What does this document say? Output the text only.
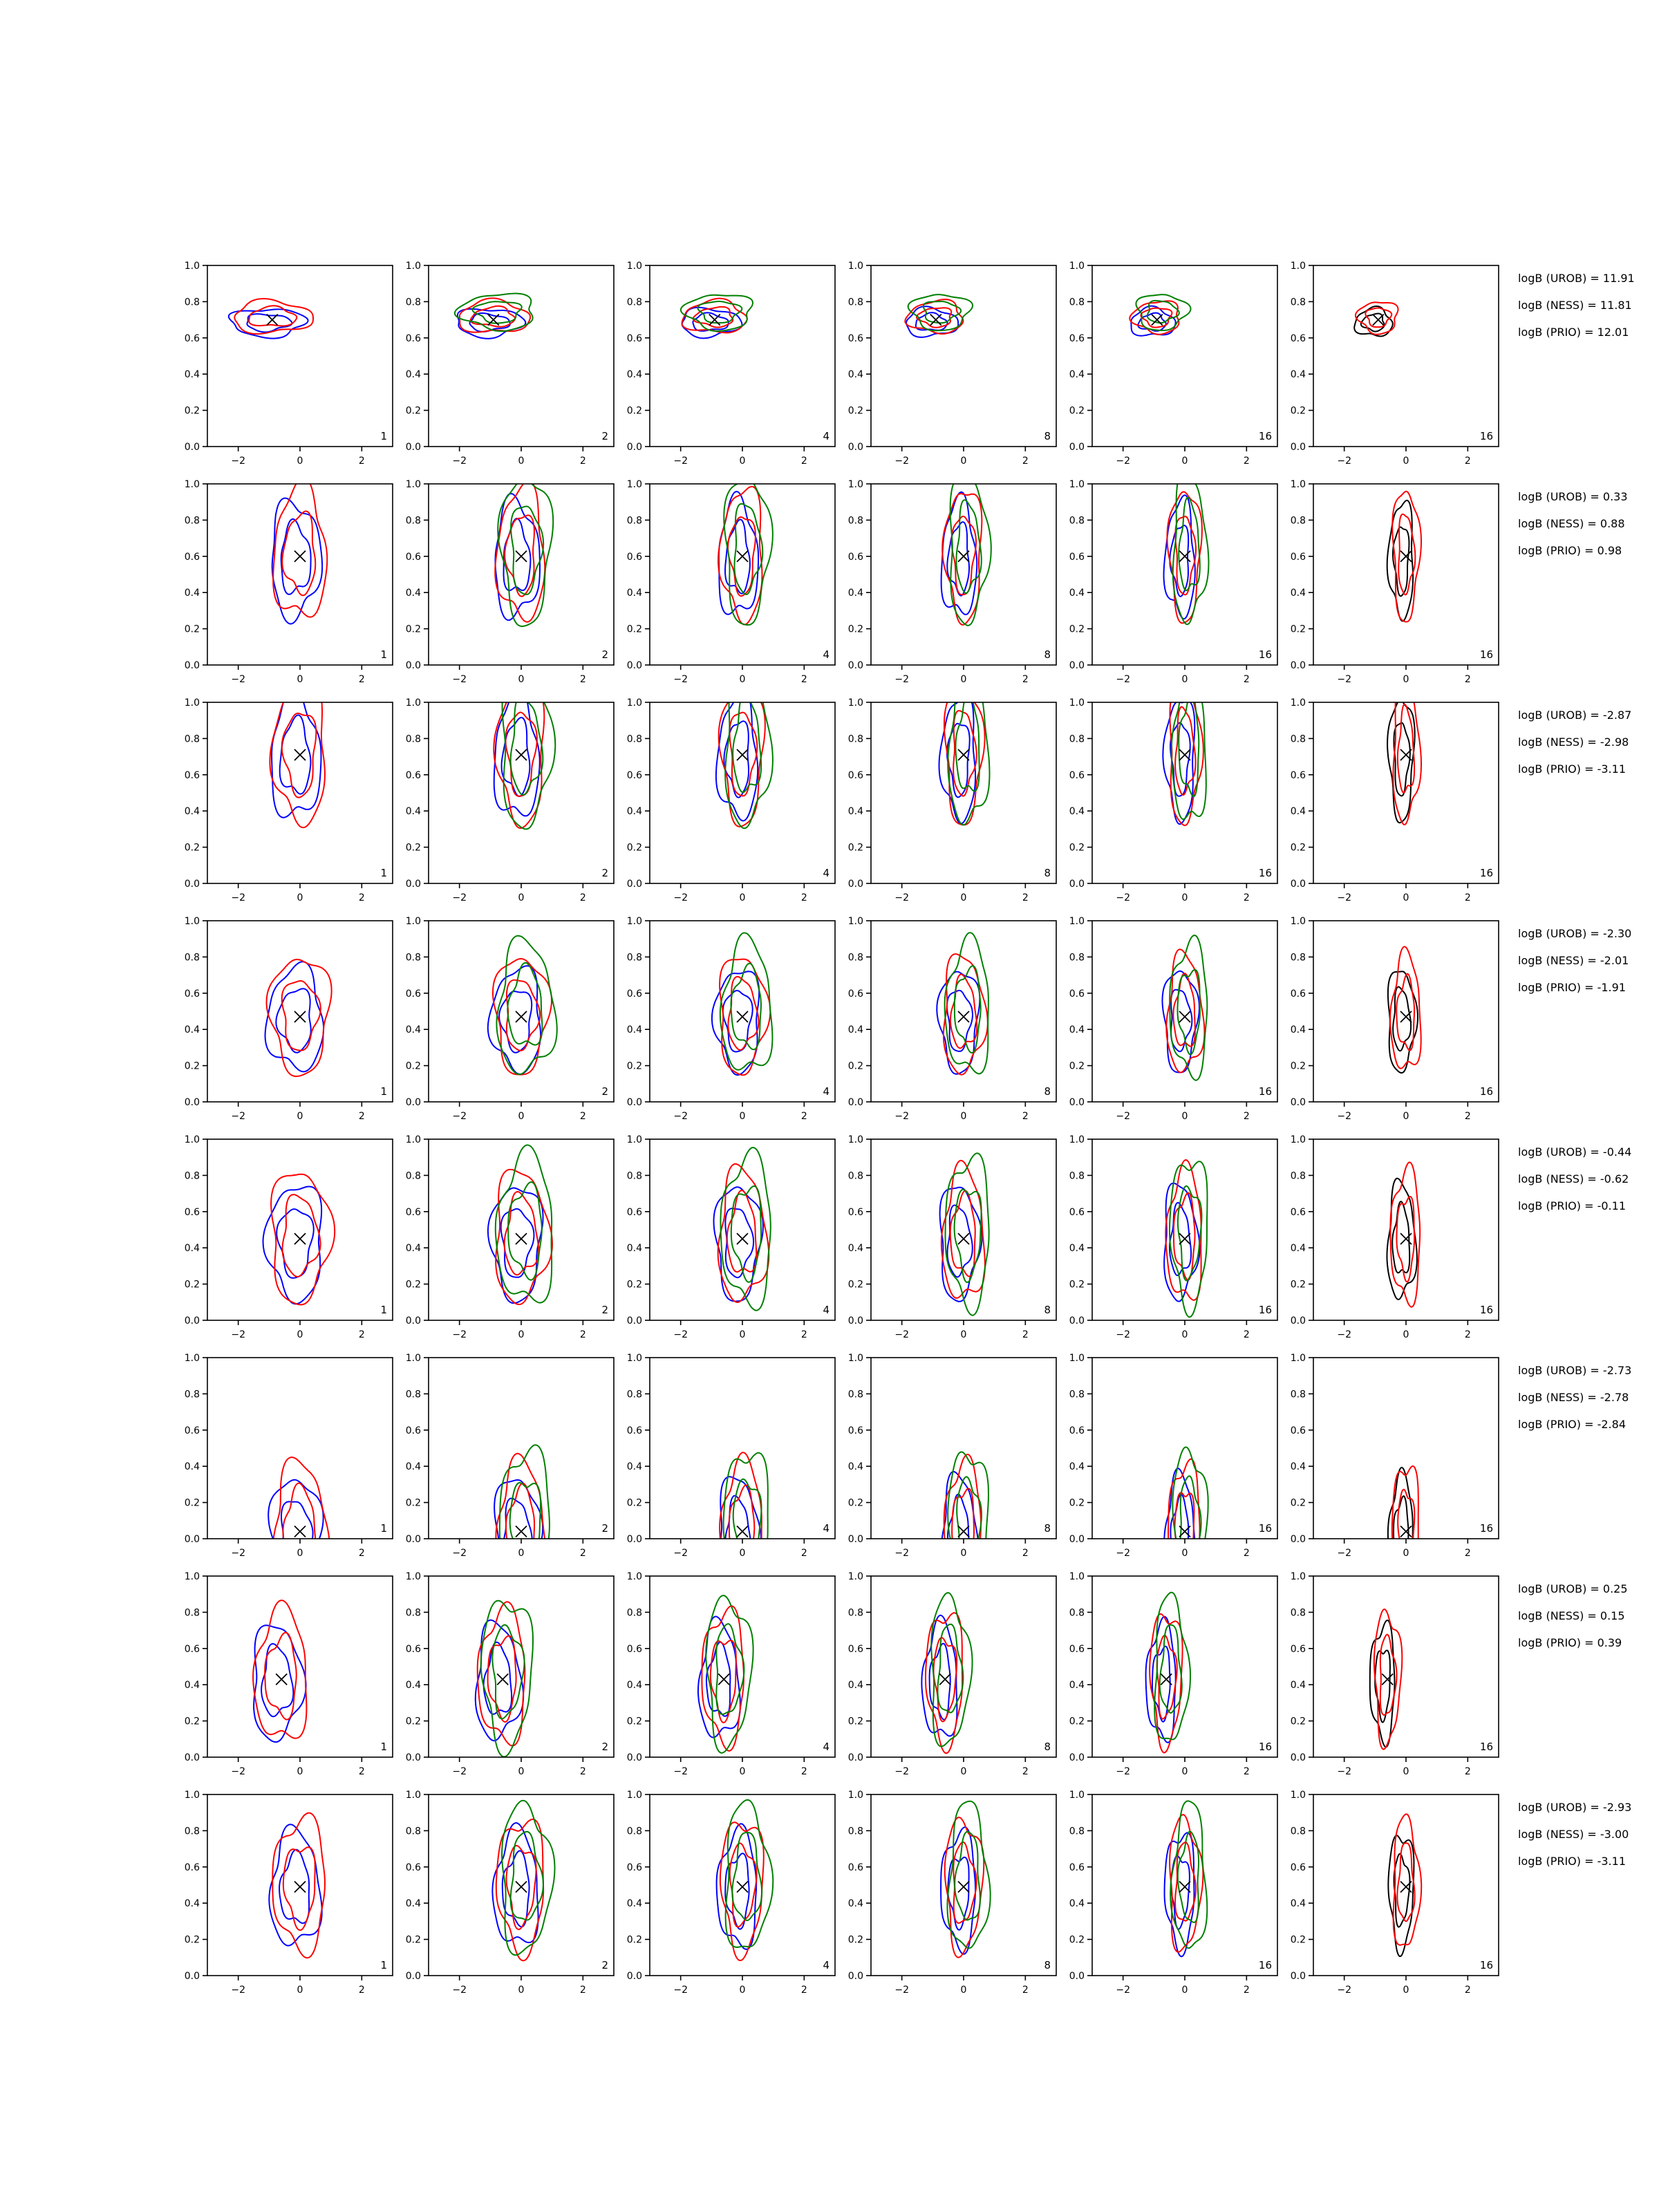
−2	0	2
0.0
0.2
0.4
0.6
0.8
1.0
1
−2	0	2
0.0
0.2
0.4
0.6
0.8
1.0
2
−2	0	2
0.0
0.2
0.4
0.6
0.8
1.0
4
−2	0	2
0.0
0.2
0.4
0.6
0.8
1.0
8
−2	0	2
0.0
0.2
0.4
0.6
0.8
1.0
16
−2	0	2
0.0
0.2
0.4
0.6
0.8
1.0
16
logB (UROB) = 11.91
logB (NESS) = 11.81
logB (PRIO) = 12.01
−2	0	2
0.0
0.2
0.4
0.6
0.8
1.0
1
−2	0	2
0.0
0.2
0.4
0.6
0.8
1.0
2
−2	0	2
0.0
0.2
0.4
0.6
0.8
1.0
4
−2	0	2
0.0
0.2
0.4
0.6
0.8
1.0
8
−2	0	2
0.0
0.2
0.4
0.6
0.8
1.0
16
−2	0	2
0.0
0.2
0.4
0.6
0.8
1.0
16
logB (UROB) = 0.33
logB (NESS) = 0.88
logB (PRIO) = 0.98
−2	0	2
0.0
0.2
0.4
0.6
0.8
1.0
1
−2	0	2
0.0
0.2
0.4
0.6
0.8
1.0
2
−2	0	2
0.0
0.2
0.4
0.6
0.8
1.0
4
−2	0	2
0.0
0.2
0.4
0.6
0.8
1.0
8
−2	0	2
0.0
0.2
0.4
0.6
0.8
1.0
16
−2	0	2
0.0
0.2
0.4
0.6
0.8
1.0
16
logB (UROB) = -2.87
logB (NESS) = -2.98
logB (PRIO) = -3.11
−2	0	2
0.0
0.2
0.4
0.6
0.8
1.0
1
−2	0	2
0.0
0.2
0.4
0.6
0.8
1.0
2
−2	0	2
0.0
0.2
0.4
0.6
0.8
1.0
4
−2	0	2
0.0
0.2
0.4
0.6
0.8
1.0
8
−2	0	2
0.0
0.2
0.4
0.6
0.8
1.0
16
−2	0	2
0.0
0.2
0.4
0.6
0.8
1.0
16
logB (UROB) = -2.30
logB (NESS) = -2.01
logB (PRIO) = -1.91
−2	0	2
0.0
0.2
0.4
0.6
0.8
1.0
1
−2	0	2
0.0
0.2
0.4
0.6
0.8
1.0
2
−2	0	2
0.0
0.2
0.4
0.6
0.8
1.0
4
−2	0	2
0.0
0.2
0.4
0.6
0.8
1.0
8
−2	0	2
0.0
0.2
0.4
0.6
0.8
1.0
16
−2	0	2
0.0
0.2
0.4
0.6
0.8
1.0
16
logB (UROB) = -0.44
logB (NESS) = -0.62
logB (PRIO) = -0.11
−2	0	2
0.0
0.2
0.4
0.6
0.8
1.0
1
−2	0	2
0.0
0.2
0.4
0.6
0.8
1.0
2
−2	0	2
0.0
0.2
0.4
0.6
0.8
1.0
4
−2	0	2
0.0
0.2
0.4
0.6
0.8
1.0
8
−2	0	2
0.0
0.2
0.4
0.6
0.8
1.0
16
−2	0	2
0.0
0.2
0.4
0.6
0.8
1.0
16
logB (UROB) = -2.73
logB (NESS) = -2.78
logB (PRIO) = -2.84
−2	0	2
0.0
0.2
0.4
0.6
0.8
1.0
1
−2	0	2
0.0
0.2
0.4
0.6
0.8
1.0
2
−2	0	2
0.0
0.2
0.4
0.6
0.8
1.0
4
−2	0	2
0.0
0.2
0.4
0.6
0.8
1.0
8
−2	0	2
0.0
0.2
0.4
0.6
0.8
1.0
16
−2	0	2
0.0
0.2
0.4
0.6
0.8
1.0
16
logB (UROB) = 0.25
logB (NESS) = 0.15
logB (PRIO) = 0.39
−2	0	2
0.0
0.2
0.4
0.6
0.8
1.0
1
−2	0	2
0.0
0.2
0.4
0.6
0.8
1.0
2
−2	0	2
0.0
0.2
0.4
0.6
0.8
1.0
4
−2	0	2
0.0
0.2
0.4
0.6
0.8
1.0
8
−2	0	2
0.0
0.2
0.4
0.6
0.8
1.0
16
−2	0	2
0.0
0.2
0.4
0.6
0.8
1.0
16
logB (UROB) = -2.93
logB (NESS) = -3.00
logB (PRIO) = -3.11
